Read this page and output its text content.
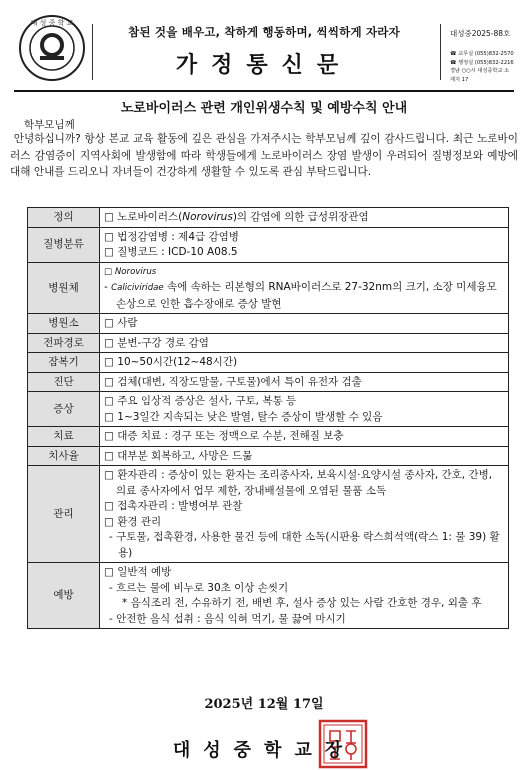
대 성 중 학 교
참된 것을 배우고, 착하게 행동하며, 씩씩하게 자라자
가정통신문
대성중2025-88호
☎ 교무실 (055)832-2570
☎ 행정실 (055)832-2216
경남 ○○시 대성중학교 소재지 17
노로바이러스 관련 개인위생수칙 및 예방수칙 안내
학부모님께
안녕하십니까? 항상 본교 교육 활동에 깊은 관심을 가져주시는 학부모님께 깊이 감사드립니다. 최근 노로바이러스 감염증이 지역사회에 발생함에 따라 학생들에게 노로바이러스 장염 발생이 우려되어 질병정보와 예방에 대해 안내를 드리오니 자녀들이 건강하게 생활할 수 있도록 관심 부탁드립니다.
정의	□ 노로바이러스(Norovirus)의 감염에 의한 급성위장관염
질병분류	□ 법정감염병 : 제4급 감염병
□ 질병코드 : ICD-10 A08.5

병원체	□ Norovirus
- Caliciviridae 속에 속하는 리본형의 RNA바이러스로 27-32nm의 크기, 소장 미세융모 손상으로 인한 흡수장애로 증상 발현

병원소	□ 사람
전파경로	□ 분변-구강 경로 감염
잠복기	□ 10~50시간(12~48시간)
진단	□ 검체(대변, 직장도말물, 구토물)에서 특이 유전자 검출
증상	□ 주요 임상적 증상은 설사, 구토, 복통 등
□ 1~3일간 지속되는 낮은 발열, 탈수 증상이 발생할 수 있음

치료	□ 대증 치료 : 경구 또는 정맥으로 수분, 전해질 보충
치사율	□ 대부분 회복하고, 사망은 드묾
관리	□ 환자관리 : 증상이 있는 환자는 조리종사자, 보육시설·요양시설 종사자, 간호, 간병, 의료 종사자에서 업무 제한, 장내배설물에 오염된 물품 소독
□ 접촉자관리 : 발병여부 관찰
□ 환경 관리
- 구토물, 접촉환경, 사용한 물건 등에 대한 소독(시판용 락스희석액(락스 1: 물 39) 활용)

예방	□ 일반적 예방
- 흐르는 물에 비누로 30초 이상 손씻기
* 음식조리 전, 수유하기 전, 배변 후, 설사 증상 있는 사람 간호한 경우, 외출 후
- 안전한 음식 섭취 : 음식 익혀 먹기, 물 끓여 마시기
2025년 12월 17일
대성중학교장
